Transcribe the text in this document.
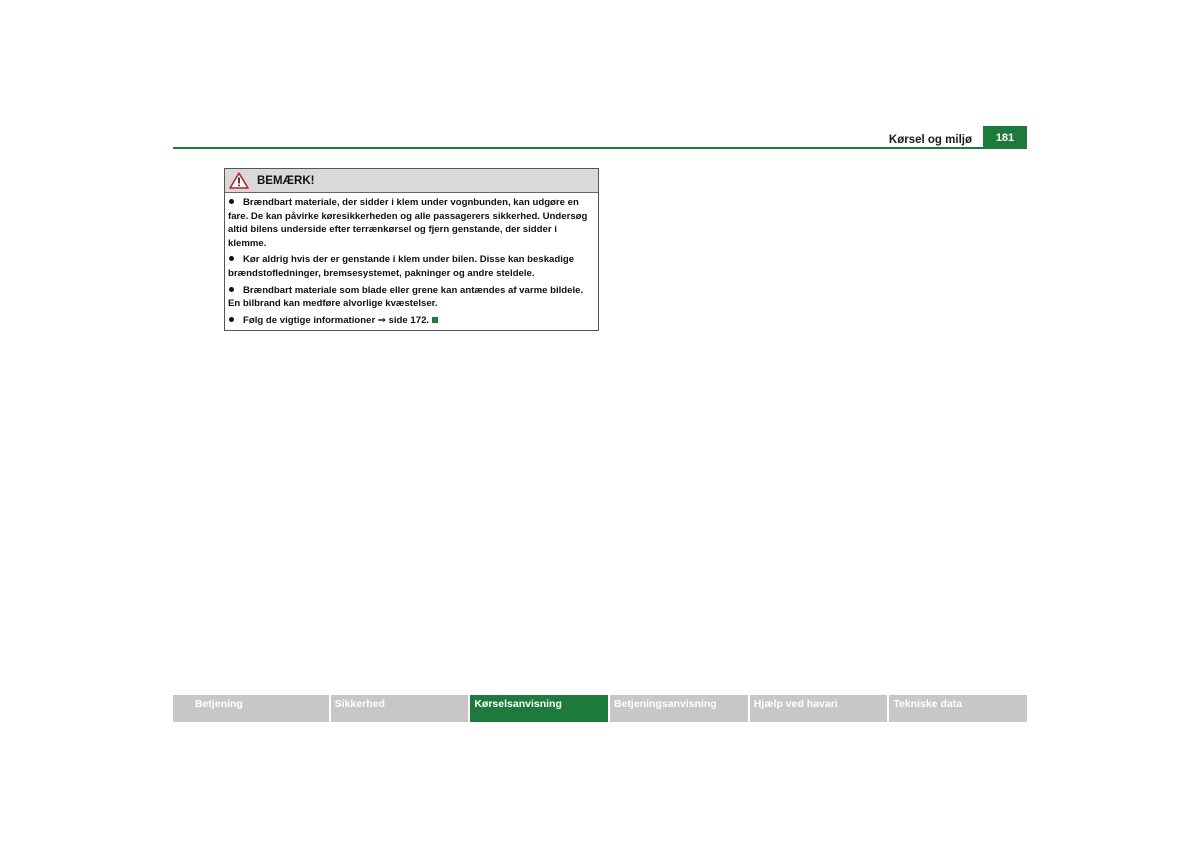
Kørsel og miljø	181
BEMÆRK!
Brændbart materiale, der sidder i klem under vognbunden, kan udgøre en fare. De kan påvirke køresikkerheden og alle passagerers sikkerhed. Undersøg altid bilens underside efter terrænkørsel og fjern genstande, der sidder i klemme.
Kør aldrig hvis der er genstande i klem under bilen. Disse kan beskadige brændstofledninger, bremsesystemet, pakninger og andre steldele.
Brændbart materiale som blade eller grene kan antændes af varme bildele. En bilbrand kan medføre alvorlige kvæstelser.
Følg de vigtige informationer ⇒ side 172.
Betjening	Sikkerhed	Kørselsanvisning	Betjeningsanvisning	Hjælp ved havari	Tekniske data
